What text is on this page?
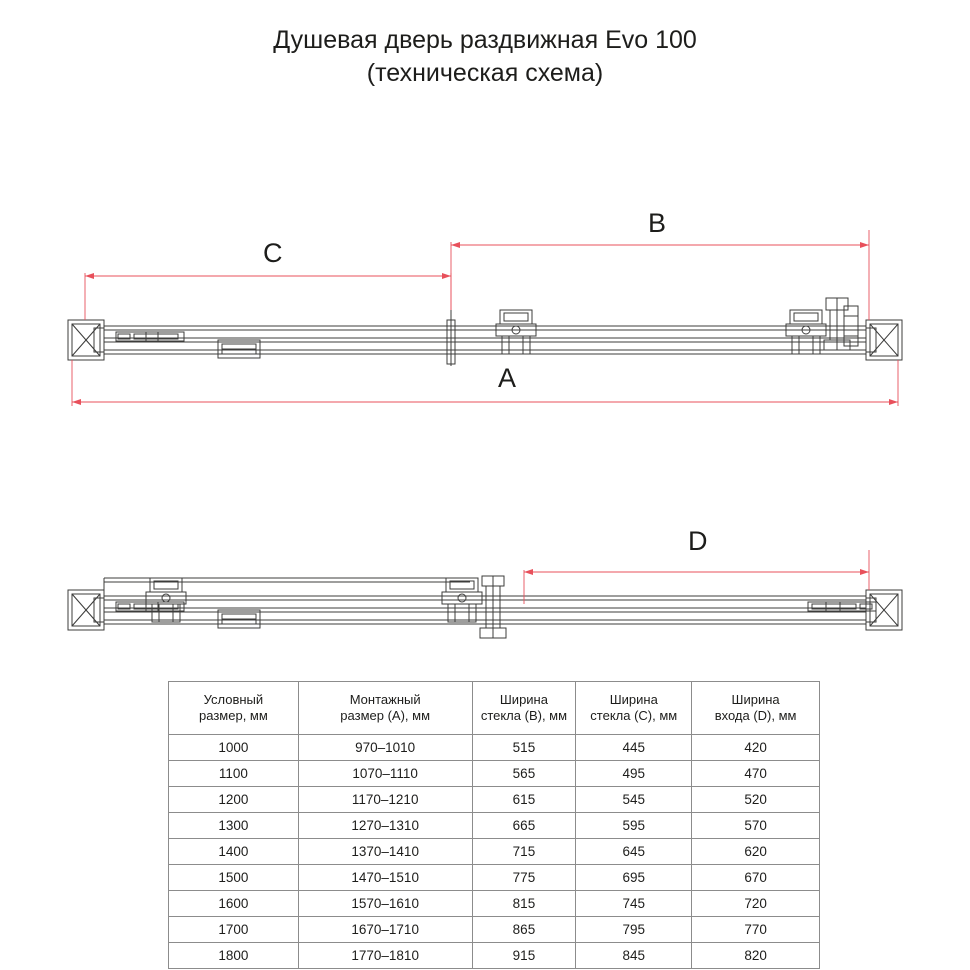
Душевая дверь раздвижная Evo 100
(техническая схема)
B
C
A
D
Условный
размер, мм	Монтажный
размер (A), мм	Ширина
стекла (B), мм	Ширина
стекла (C), мм	Ширина
входа (D), мм

1000	970–1010	515	445	420
1100	1070–1110	565	495	470
1200	1170–1210	615	545	520
1300	1270–1310	665	595	570
1400	1370–1410	715	645	620
1500	1470–1510	775	695	670
1600	1570–1610	815	745	720
1700	1670–1710	865	795	770
1800	1770–1810	915	845	820
